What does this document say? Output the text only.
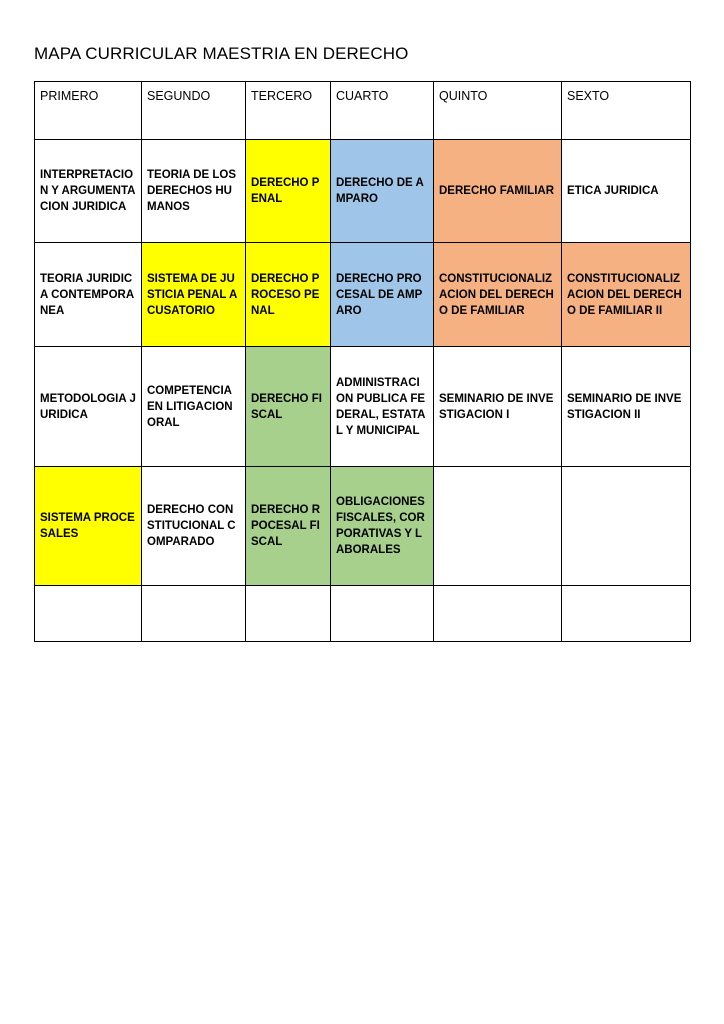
MAPA CURRICULAR MAESTRIA EN DERECHO
PRIMERO	SEGUNDO	TERCERO	CUARTO	QUINTO	SEXTO
INTERPRETACION Y ARGUMENTACION JURIDICA	TEORIA DE LOS DERECHOS HUMANOS	DERECHO PENAL	DERECHO DE AMPARO	DERECHO FAMILIAR	ETICA JURIDICA
TEORIA JURIDICA CONTEMPORANEA	SISTEMA DE JUSTICIA PENAL ACUSATORIO	DERECHO PROCESO PENAL	DERECHO PROCESAL DE AMPARO	CONSTITUCIONALIZACION DEL DERECHO DE FAMILIAR	CONSTITUCIONALIZACION DEL DERECHO DE FAMILIAR II
METODOLOGIA JURIDICA	COMPETENCIA EN LITIGACION ORAL	DERECHO FISCAL	ADMINISTRACION PUBLICA FEDERAL, ESTATAL Y MUNICIPAL	SEMINARIO DE INVESTIGACION I	SEMINARIO DE INVESTIGACION II
SISTEMA PROCESALES	DERECHO CONSTITUCIONAL COMPARADO	DERECHO RPOCESAL FISCAL	OBLIGACIONES FISCALES, CORPORATIVAS Y LABORALES		
